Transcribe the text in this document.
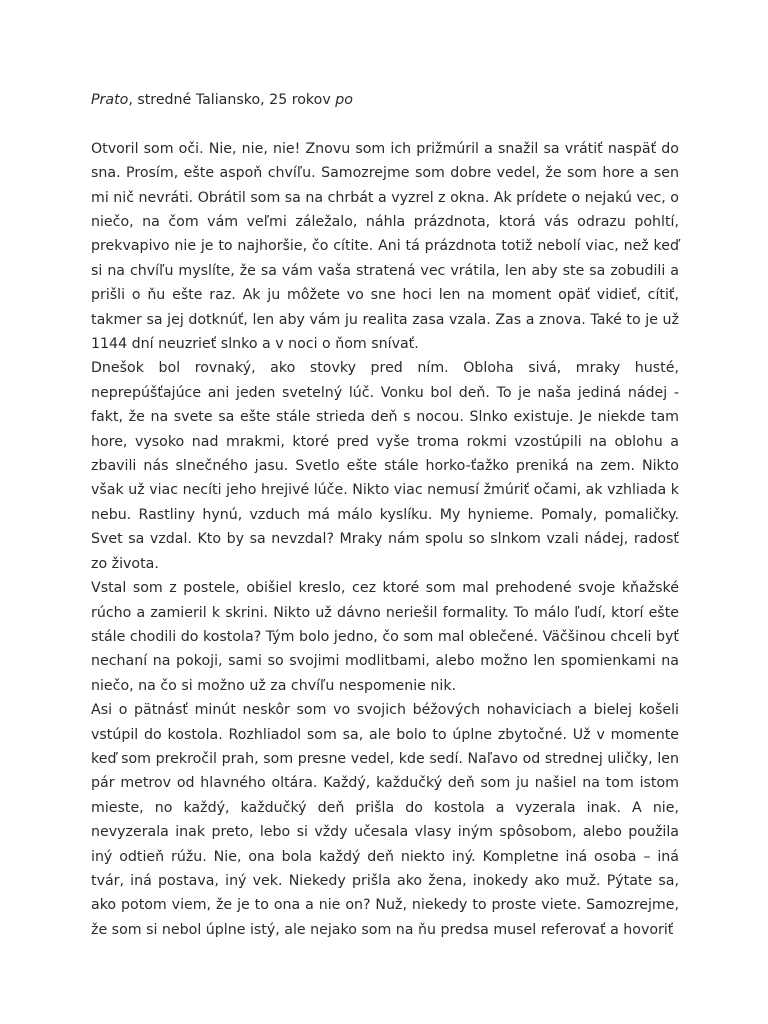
Prato, stredné Taliansko, 25 rokov po

Otvoril som oči. Nie, nie, nie! Znovu som ich prižmúril a snažil sa vrátiť naspäť do sna. Prosím, ešte aspoň chvíľu. Samozrejme som dobre vedel, že som hore a sen mi nič nevráti. Obrátil som sa na chrbát a vyzrel z okna. Ak prídete o nejakú vec, o niečo, na čom vám veľmi záležalo, náhla prázdnota, ktorá vás odrazu pohltí, prekvapivo nie je to najhoršie, čo cítite. Ani tá prázdnota totiž nebolí viac, než keď si na chvíľu myslíte, že sa vám vaša stratená vec vrátila, len aby ste sa zobudili a prišli o ňu ešte raz. Ak ju môžete vo sne hoci len na moment opäť vidieť, cítiť, takmer sa jej dotknúť, len aby vám ju realita zasa vzala. Zas a znova. Také to je už 1144 dní neuzrieť slnko a v noci o ňom snívať.

Dnešok bol rovnaký, ako stovky pred ním. Obloha sivá, mraky husté, neprepúšťajúce ani jeden svetelný lúč. Vonku bol deň. To je naša jediná nádej - fakt, že na svete sa ešte stále strieda deň s nocou. Slnko existuje. Je niekde tam hore, vysoko nad mrakmi, ktoré pred vyše troma rokmi vzostúpili na oblohu a zbavili nás slnečného jasu. Svetlo ešte stále horko-ťažko preniká na zem. Nikto však už viac necíti jeho hrejivé lúče. Nikto viac nemusí žmúriť očami, ak vzhliada k nebu. Rastliny hynú, vzduch má málo kyslíku. My hynieme. Pomaly, pomaličky. Svet sa vzdal. Kto by sa nevzdal? Mraky nám spolu so slnkom vzali nádej, radosť zo života.

Vstal som z postele, obišiel kreslo, cez ktoré som mal prehodené svoje kňažské rúcho a zamieril k skrini. Nikto už dávno neriešil formality. To málo ľudí, ktorí ešte stále chodili do kostola? Tým bolo jedno, čo som mal oblečené. Väčšinou chceli byť nechaní na pokoji, sami so svojimi modlitbami, alebo možno len spomienkami na niečo, na čo si možno už za chvíľu nespomenie nik.

Asi o pätnásť minút neskôr som vo svojich béžových nohaviciach a bielej košeli vstúpil do kostola. Rozhliadol som sa, ale bolo to úplne zbytočné. Už v momente keď som prekročil prah, som presne vedel, kde sedí. Naľavo od strednej uličky, len pár metrov od hlavného oltára. Každý, každučký deň som ju našiel na tom istom mieste, no každý, každučký deň prišla do kostola a vyzerala inak. A nie, nevyzerala inak preto, lebo si vždy učesala vlasy iným spôsobom, alebo použila iný odtieň rúžu. Nie, ona bola každý deň niekto iný. Kompletne iná osoba – iná tvár, iná postava, iný vek. Niekedy prišla ako žena, inokedy ako muž. Pýtate sa, ako potom viem, že je to ona a nie on? Nuž, niekedy to proste viete. Samozrejme, že som si nebol úplne istý, ale nejako som na ňu predsa musel referovať a hovoriť
